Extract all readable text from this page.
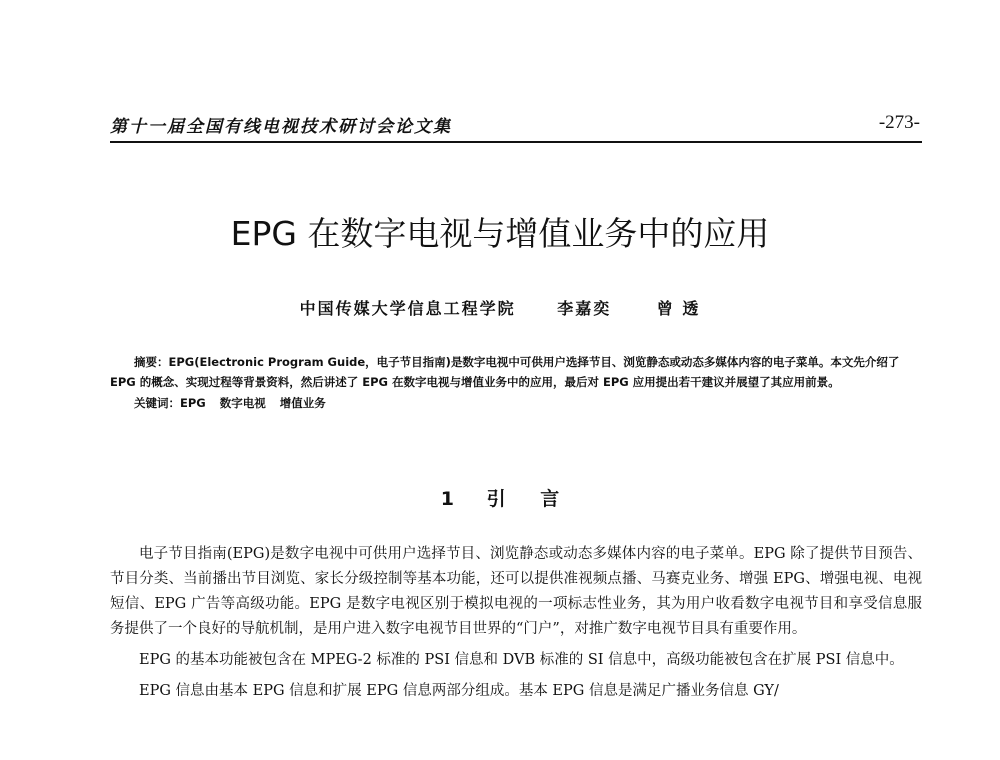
第十一届全国有线电视技术研讨会论文集	-273-
EPG 在数字电视与增值业务中的应用
中国传媒大学信息工程学院	李嘉奕	曾 透

摘要：EPG(Electronic Program Guide，电子节目指南)是数字电视中可供用户选择节目、浏览静态或动态多媒体内容的电子菜单。本文先介绍了 EPG 的概念、实现过程等背景资料，然后讲述了 EPG 在数字电视与增值业务中的应用，最后对 EPG 应用提出若干建议并展望了其应用前景。

关键词：EPG 数字电视 增值业务
1 引 言

电子节目指南(EPG)是数字电视中可供用户选择节目、浏览静态或动态多媒体内容的电子菜单。EPG 除了提供节目预告、节目分类、当前播出节目浏览、家长分级控制等基本功能，还可以提供准视频点播、马赛克业务、增强 EPG、增强电视、电视短信、EPG 广告等高级功能。EPG 是数字电视区别于模拟电视的一项标志性业务，其为用户收看数字电视节目和享受信息服务提供了一个良好的导航机制，是用户进入数字电视节目世界的“门户”，对推广数字电视节目具有重要作用。

EPG 的基本功能被包含在 MPEG-2 标准的 PSI 信息和 DVB 标准的 SI 信息中，高级功能被包含在扩展 PSI 信息中。

EPG 信息由基本 EPG 信息和扩展 EPG 信息两部分组成。基本 EPG 信息是满足广播业务信息 GY/
